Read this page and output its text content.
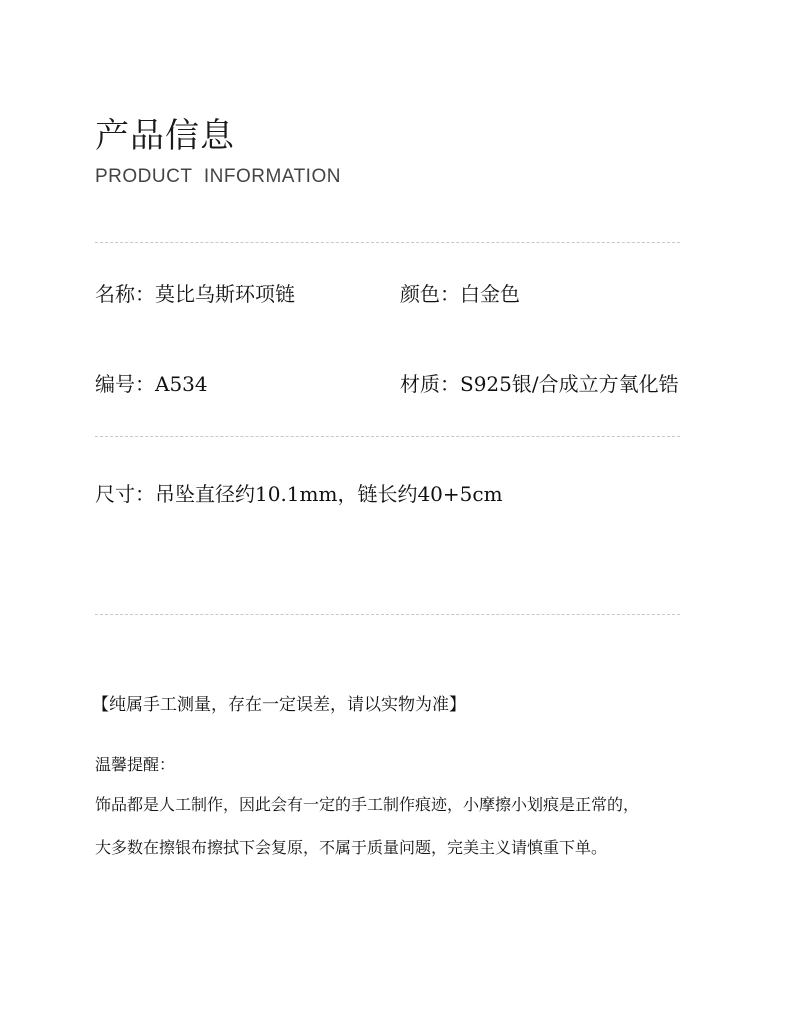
产品信息
PRODUCT INFORMATION
名称：莫比乌斯环项链	颜色：白金色
编号：A534	材质：S925银/合成立方氧化锆
尺寸：吊坠直径约10.1mm，链长约40+5cm
【纯属手工测量，存在一定误差，请以实物为准】
温馨提醒：
饰品都是人工制作，因此会有一定的手工制作痕迹，小摩擦小划痕是正常的，
大多数在擦银布擦拭下会复原，不属于质量问题，完美主义请慎重下单。
